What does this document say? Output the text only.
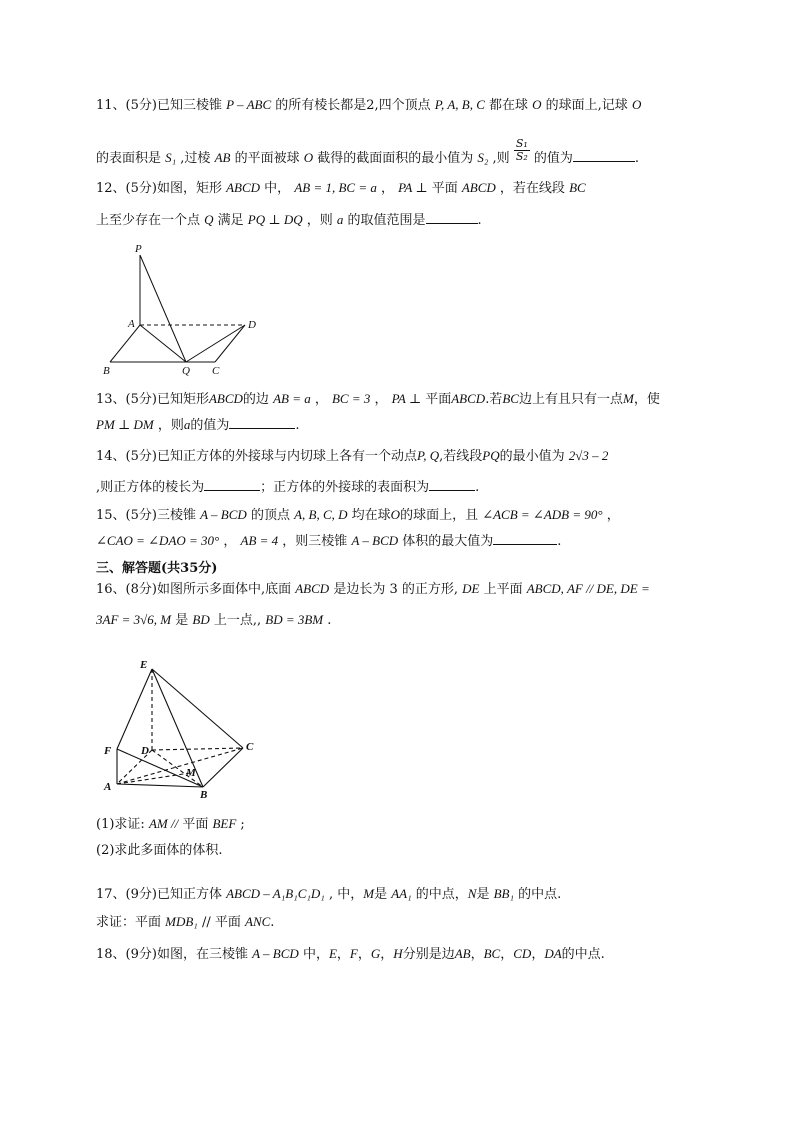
11、(5分)已知三棱锥 P – ABC 的所有棱长都是2,四个顶点 P, A, B, C 都在球 O 的球面上,记球 O
的表面积是 S₁ ,过棱 AB 的平面被球 O 截得的截面面积的最小值为 S₂ ,则 $\frac{\text{S₁}}{\text{S₂}}$ 的值为	.
12、(5分)如图，矩形 ABCD 中， AB = 1, BC = a ， PA ⊥ 平面 ABCD ，若在线段 BC
上至少存在一个点 Q 满足 PQ ⊥ DQ ，则 a 的取值范围是	.
P
A	D
B	Q C
13、(5分)已知矩形ABCD的边 AB = a ， BC = 3 ， PA ⊥ 平面ABCD.若BC边上有且只有一点M，使
PM ⊥ DM ，则a的值为	.
14、(5分)已知正方体的外接球与内切球上各有一个动点P, Q,若线段PQ的最小值为 2√3 – 2
,则正方体的棱长为	；正方体的外接球的表面积为	.
15、(5分)三棱锥 A – BCD 的顶点 A, B, C, D 均在球O的球面上，且 ∠ACB = ∠ADB = 90° ，
∠CAO = ∠DAO = 30° ， AB = 4 ，则三棱锥 A – BCD 体积的最大值为	.
三、解答题(共35分)
16、(8分)如图所示多面体中,底面 ABCD 是边长为 3 的正方形, DE 上平面 ABCD, AF // DE, DE =
3AF = 3√6, M 是 BD 上一点,, BD = 3BM .
E
F	D	C
M
A
B
(1)求证: AM // 平面 BEF ;
(2)求此多面体的体积.
17、(9分)已知正方体 ABCD – A₁B₁C₁D₁ , 中，M是 AA₁ 的中点，N是 BB₁ 的中点.
求证：平面 MDB₁ // 平面 ANC.
18、(9分)如图，在三棱锥 A – BCD 中，E，F，G，H分别是边AB，BC，CD，DA的中点.
